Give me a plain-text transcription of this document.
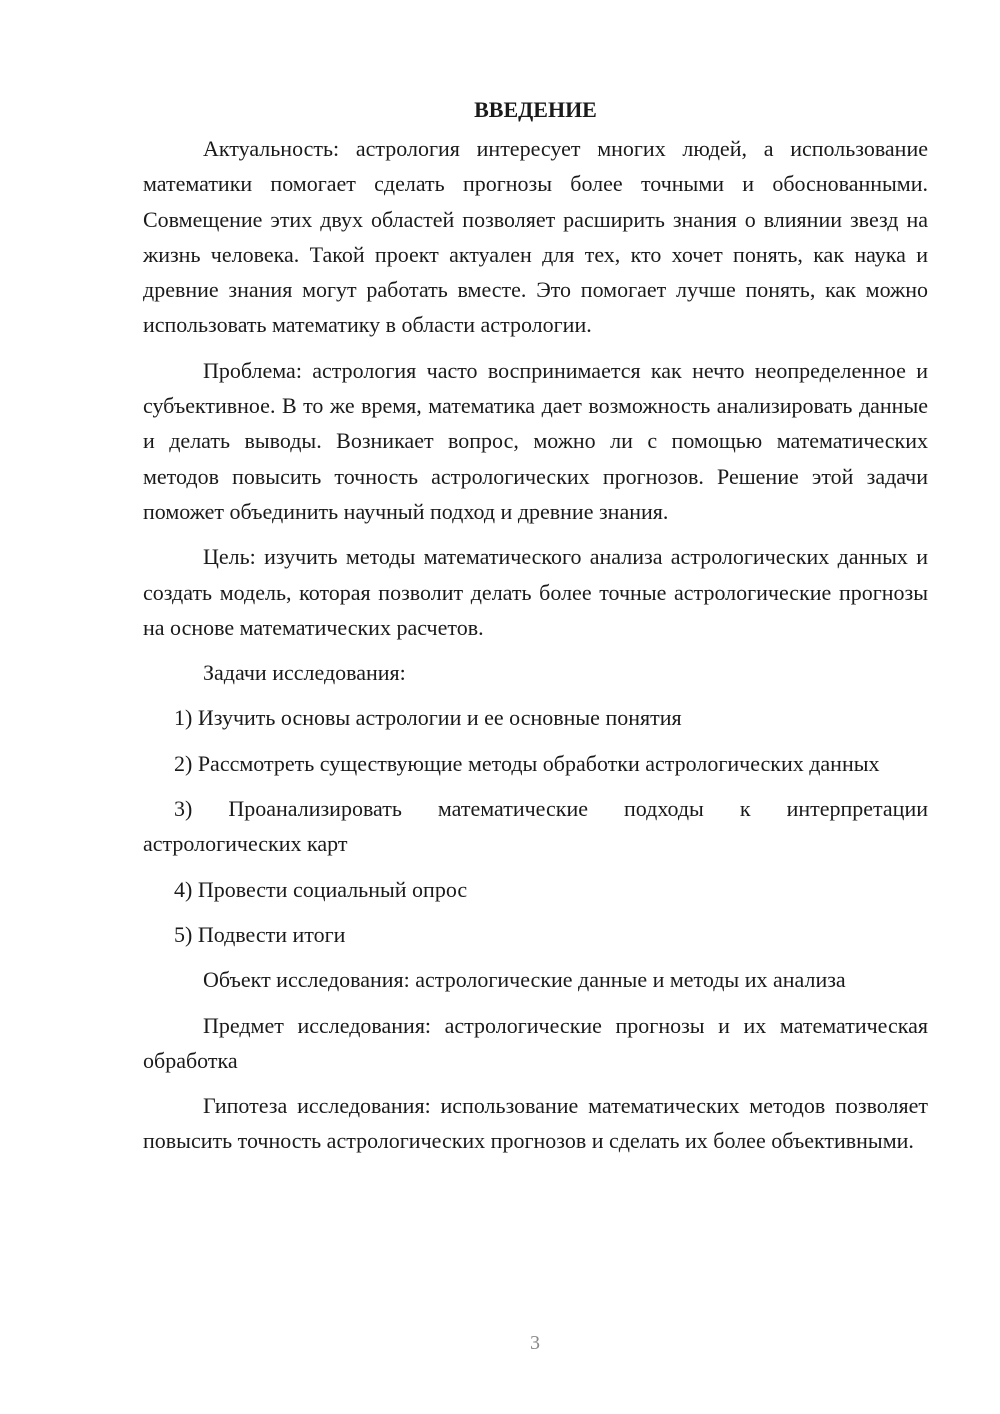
ВВЕДЕНИЕ

Актуальность: астрология интересует многих людей, а использование математики помогает сделать прогнозы более точными и обоснованными. Совмещение этих двух областей позволяет расширить знания о влиянии звезд на жизнь человека. Такой проект актуален для тех, кто хочет понять, как наука и древние знания могут работать вместе. Это помогает лучше понять, как можно использовать математику в области астрологии.

Проблема: астрология часто воспринимается как нечто неопределенное и субъективное. В то же время, математика дает возможность анализировать данные и делать выводы. Возникает вопрос, можно ли с помощью математических методов повысить точность астрологических прогнозов. Решение этой задачи поможет объединить научный подход и древние знания.

Цель: изучить методы математического анализа астрологических данных и создать модель, которая позволит делать более точные астрологические прогнозы на основе математических расчетов.

Задачи исследования:

1) Изучить основы астрологии и ее основные понятия

2) Рассмотреть существующие методы обработки астрологических данных

3) Проанализировать математические подходы к интерпретации астрологических карт

4) Провести социальный опрос

5) Подвести итоги

Объект исследования: астрологические данные и методы их анализа

Предмет исследования: астрологические прогнозы и их математическая обработка

Гипотеза исследования: использование математических методов позволяет повысить точность астрологических прогнозов и сделать их более объективными.

3
